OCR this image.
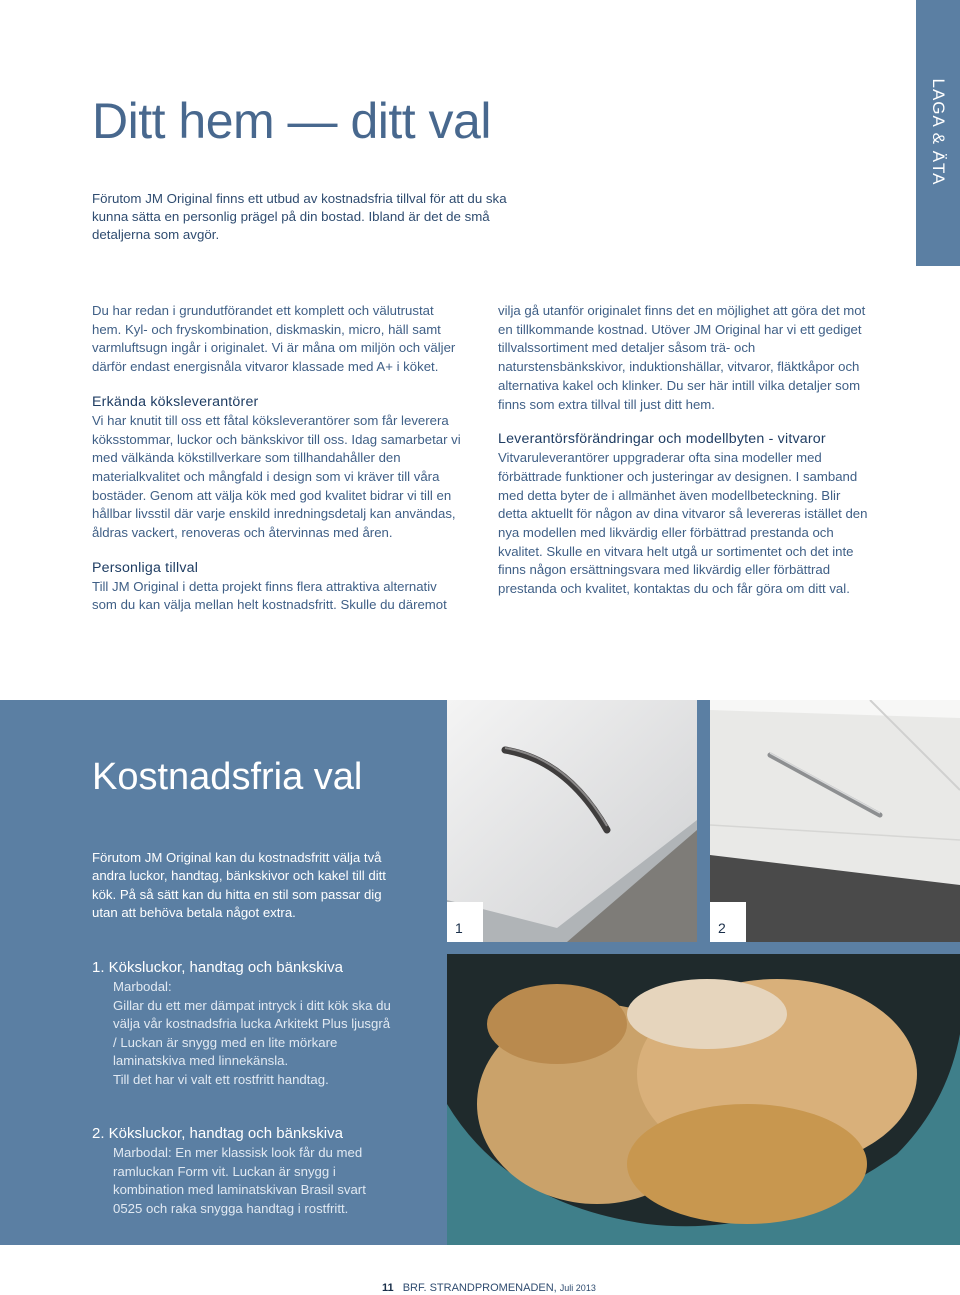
LAGA & ÄTA
Ditt hem — ditt val
Förutom JM Original finns ett utbud av kostnadsfria tillval för att du ska kunna sätta en personlig prägel på din bostad. Ibland är det de små detaljerna som avgör.

Du har redan i grundutförandet ett komplett och välutrustat hem. Kyl- och fryskombination, diskmaskin, micro, häll samt varmluftsugn ingår i originalet. Vi är måna om miljön och väljer därför endast energisnåla vitvaror klassade med A+ i köket.

Erkända köksleverantörer

Vi har knutit till oss ett fåtal köksleverantörer som får leverera köksstommar, luckor och bänkskivor till oss. Idag samarbetar vi med välkända kökstillverkare som tillhandahåller den materialkvalitet och mångfald i design som vi kräver till våra bostäder. Genom att välja kök med god kvalitet bidrar vi till en hållbar livsstil där varje enskild inredningsdetalj kan användas, åldras vackert, renoveras och återvinnas med åren.

Personliga tillval

Till JM Original i detta projekt finns flera attraktiva alternativ som du kan välja mellan helt kostnadsfritt. Skulle du däremot

vilja gå utanför originalet finns det en möjlighet att göra det mot en tillkommande kostnad. Utöver JM Original har vi ett gediget tillvalssortiment med detaljer såsom trä- och naturstensbänkskivor, induktionshällar, vitvaror, fläktkåpor och alternativa kakel och klinker. Du ser här intill vilka detaljer som finns som extra tillval till just ditt hem.

Leverantörsförändringar och modellbyten - vitvaror

Vitvaruleverantörer uppgraderar ofta sina modeller med förbättrade funktioner och justeringar av designen. I samband med detta byter de i allmänhet även modellbeteckning. Blir detta aktuellt för någon av dina vitvaror så levereras istället den nya modellen med likvärdig eller förbättrad prestanda och kvalitet. Skulle en vitvara helt utgå ur sortimentet och det inte finns någon ersättningsvara med likvärdig eller förbättrad prestanda och kvalitet, kontaktas du och får göra om ditt val.

Kostnadsfria val
Förutom JM Original kan du kostnadsfritt välja två andra luckor, handtag, bänkskivor och kakel till ditt kök. På så sätt kan du hitta en stil som passar dig utan att behöva betala något extra.
1	2
1. Köksluckor, handtag och bänkskiva

Marbodal:

Gillar du ett mer dämpat intryck i ditt kök ska du välja vår kostnadsfria lucka Arkitekt Plus ljusgrå / Luckan är snygg med en lite mörkare laminatskiva med linnekänsla.

Till det har vi valt ett rostfritt handtag.

2. Köksluckor, handtag och bänkskiva

Marbodal: En mer klassisk look får du med ramluckan Form vit. Luckan är snygg i kombination med laminatskivan Brasil svart 0525 och raka snygga handtag i rostfritt.

11 BRF. STRANDPROMENADEN, Juli 2013
